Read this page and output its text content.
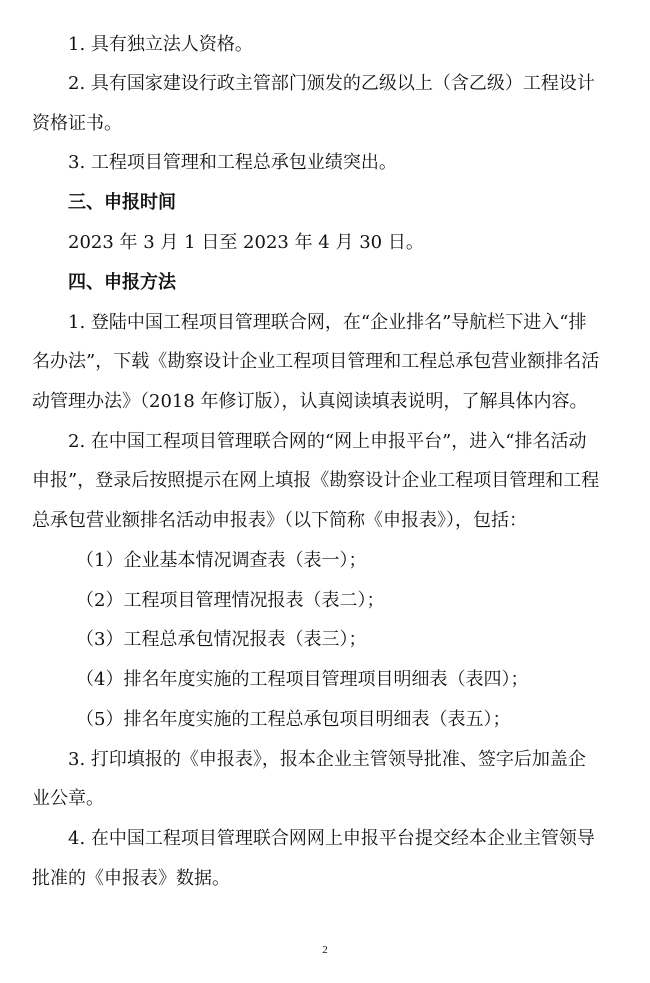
1. 具有独立法人资格。
2. 具有国家建设行政主管部门颁发的乙级以上（含乙级）工程设计
资格证书。
3. 工程项目管理和工程总承包业绩突出。
三、申报时间
2023 年 3 月 1 日至 2023 年 4 月 30 日。
四、申报方法
1. 登陆中国工程项目管理联合网，在“企业排名”导航栏下进入“排
名办法”，下载《勘察设计企业工程项目管理和工程总承包营业额排名活
动管理办法》（2018 年修订版），认真阅读填表说明，了解具体内容。
2. 在中国工程项目管理联合网的“网上申报平台”，进入“排名活动
申报”，登录后按照提示在网上填报《勘察设计企业工程项目管理和工程
总承包营业额排名活动申报表》（以下简称《申报表》），包括：
（1）企业基本情况调查表（表一）；
（2）工程项目管理情况报表（表二）；
（3）工程总承包情况报表（表三）；
（4）排名年度实施的工程项目管理项目明细表（表四）；
（5）排名年度实施的工程总承包项目明细表（表五）；
3. 打印填报的《申报表》，报本企业主管领导批准、签字后加盖企
业公章。
4. 在中国工程项目管理联合网网上申报平台提交经本企业主管领导
批准的《申报表》数据。
2
